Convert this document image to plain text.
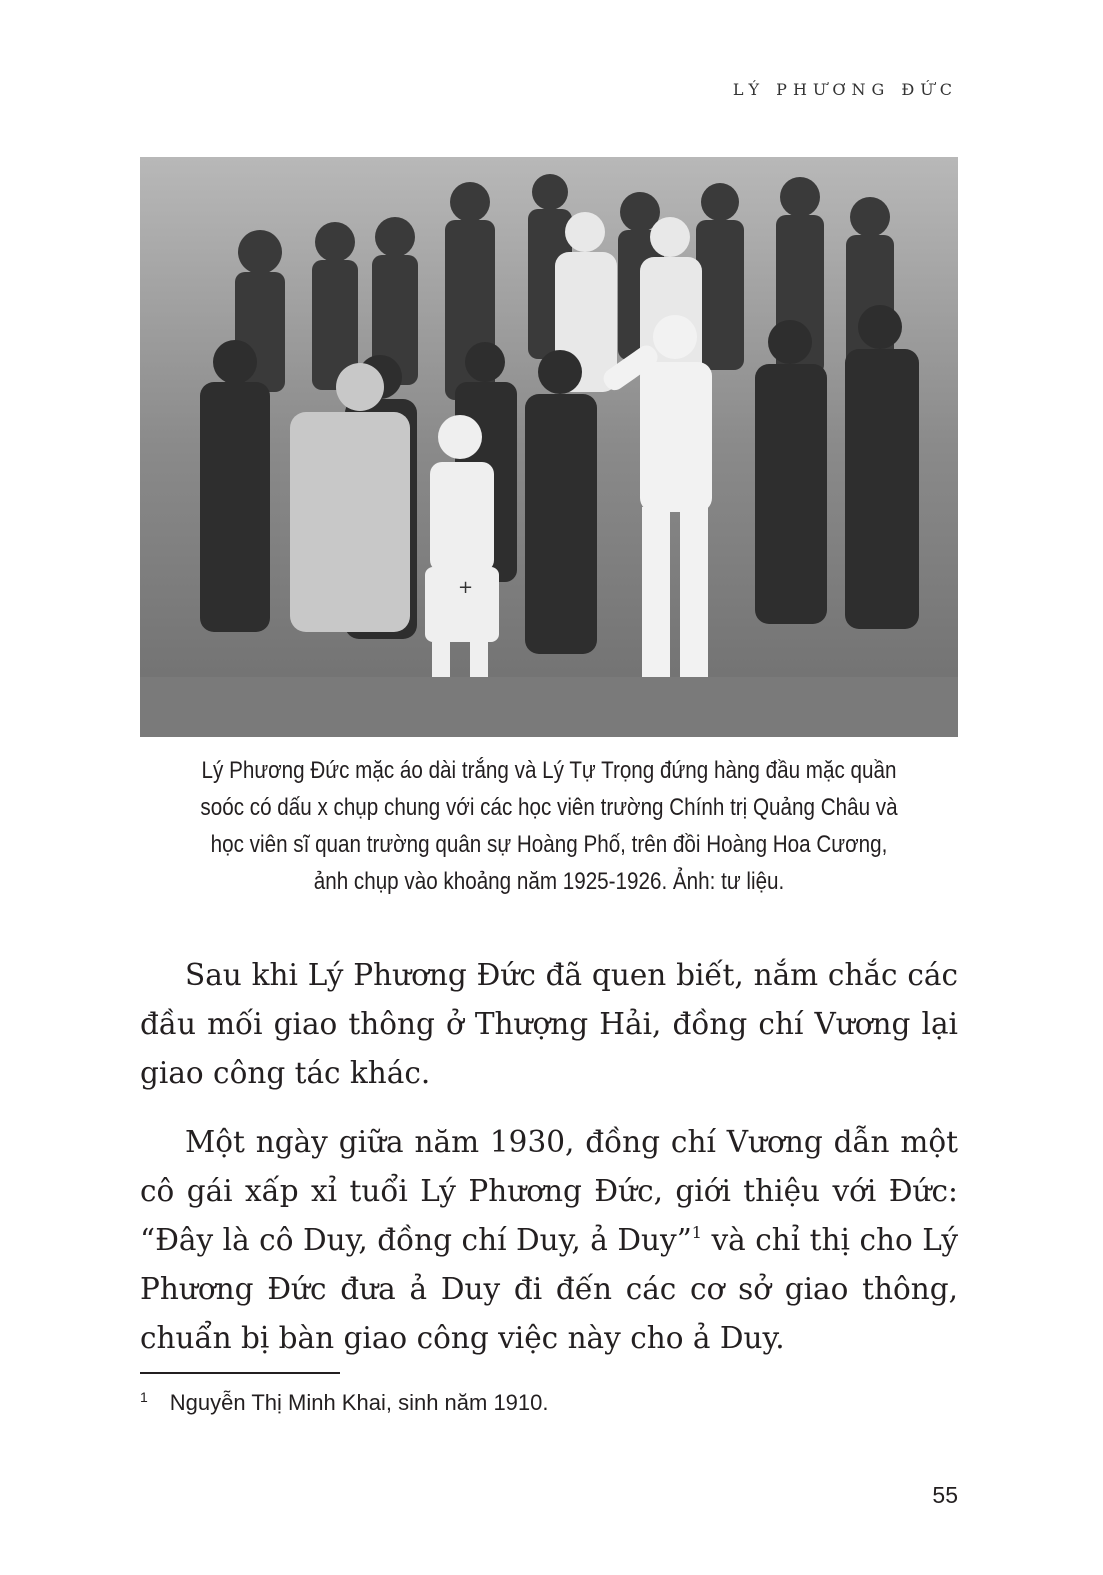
LÝ PHƯƠNG ĐỨC
+
Lý Phương Đức mặc áo dài trắng và Lý Tự Trọng đứng hàng đầu mặc quần soóc có dấu x chụp chung với các học viên trường Chính trị Quảng Châu và học viên sĩ quan trường quân sự Hoàng Phố, trên đồi Hoàng Hoa Cương, ảnh chụp vào khoảng năm 1925-1926. Ảnh: tư liệu.

Sau khi Lý Phương Đức đã quen biết, nắm chắc các đầu mối giao thông ở Thượng Hải, đồng chí Vương lại giao công tác khác.

Một ngày giữa năm 1930, đồng chí Vương dẫn một cô gái xấp xỉ tuổi Lý Phương Đức, giới thiệu với Đức: “Đây là cô Duy, đồng chí Duy, ả Duy”$^1$ và chỉ thị cho Lý Phương Đức đưa ả Duy đi đến các cơ sở giao thông, chuẩn bị bàn giao công việc này cho ả Duy.

$^1$ Nguyễn Thị Minh Khai, sinh năm 1910.
55
